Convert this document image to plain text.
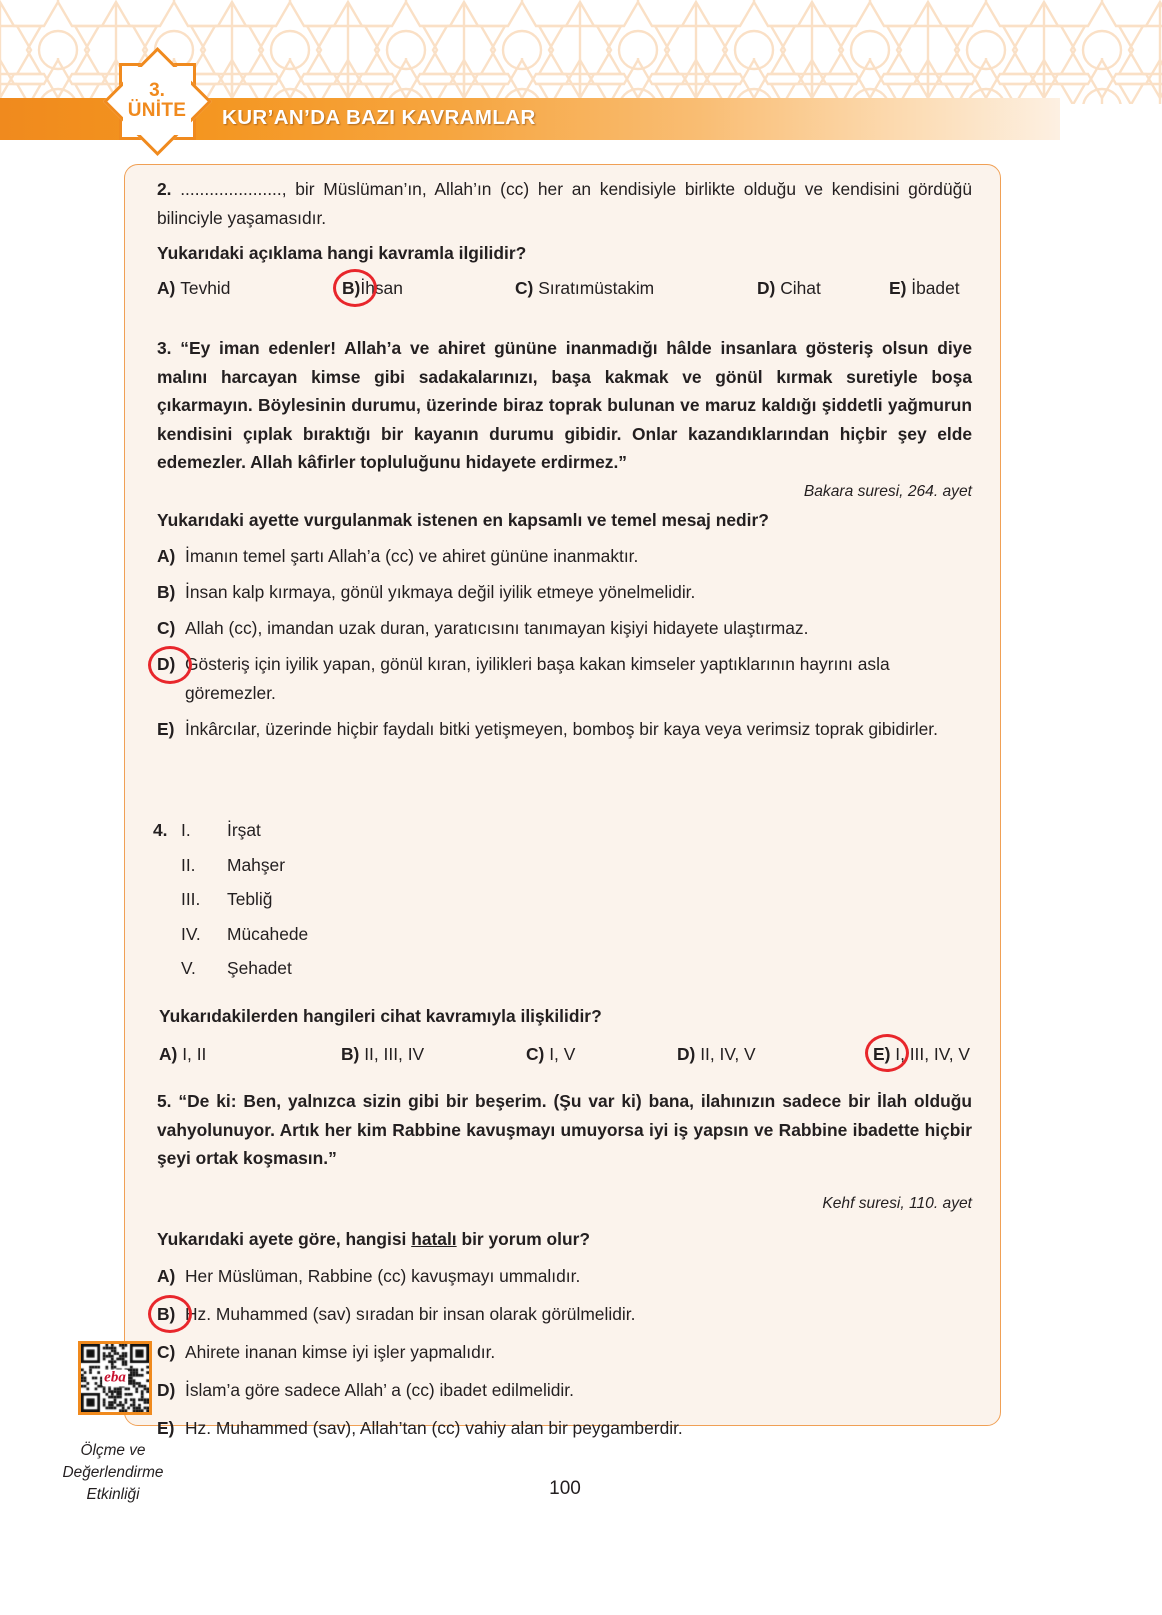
3.
ÜNİTE KUR’AN’DA BAZI KAVRAMLAR
2. ....................., bir Müslüman’ın, Allah’ın (cc) her an kendisiyle birlikte olduğu ve kendisini gördüğü bilinciyle yaşamasıdır.
Yukarıdaki açıklama hangi kavramla ilgilidir?
A)
Tevhid	B) İhsan	C)
Sıratımüstakim	D)
Cihat	E)
İbadet
3. “Ey iman edenler! Allah’a ve ahiret gününe inanmadığı hâlde insanlara gösteriş olsun diye malını harcayan kimse gibi sadakalarınızı, başa kakmak ve gönül kırmak suretiyle boşa çıkarmayın. Böylesinin durumu, üzerinde biraz toprak bulunan ve maruz kaldığı şiddetli yağmurun kendisini çıplak bıraktığı bir kayanın durumu gibidir. Onlar kazandıklarından hiçbir şey elde edemezler. Allah kâfirler topluluğunu hidayete erdirmez.”
Bakara suresi, 264. ayet
Yukarıdaki ayette vurgulanmak istenen en kapsamlı ve temel mesaj nedir?
A) İmanın temel şartı Allah’a (cc) ve ahiret gününe inanmaktır.
B) İnsan kalp kırmaya, gönül yıkmaya değil iyilik etmeye yönelmelidir.
C) Allah (cc), imandan uzak duran, yaratıcısını tanımayan kişiyi hidayete ulaştırmaz.
D) Gösteriş için iyilik yapan, gönül kıran, iyilikleri başa kakan kimseler yaptıklarının hayrını asla göremezler.
E) İnkârcılar, üzerinde hiçbir faydalı bitki yetişmeyen, bomboş bir kaya veya verimsiz toprak gibidirler.
4. I.	İrşat
II.	Mahşer
III.	Tebliğ
IV.	Mücahede
V.	Şehadet
Yukarıdakilerden hangileri cihat kavramıyla ilişkilidir?
A)
I, II	B)
II, III, IV	C)
I, V	D)
II, IV, V	E)
I, III, IV, V
5. “De ki: Ben, yalnızca sizin gibi bir beşerim. (Şu var ki) bana, ilahınızın sadece bir İlah olduğu vahyolunuyor. Artık her kim Rabbine kavuşmayı umuyorsa iyi iş yapsın ve Rabbine ibadette hiçbir şeyi ortak koşmasın.”
Kehf suresi, 110. ayet
Yukarıdaki ayete göre, hangisi hatalı bir yorum olur?
A) Her Müslüman, Rabbine (cc) kavuşmayı ummalıdır.
B) Hz. Muhammed (sav) sıradan bir insan olarak görülmelidir.
C) Ahirete inanan kimse iyi işler yapmalıdır.
D) İslam’a göre sadece Allah’ a (cc) ibadet edilmelidir.
E) Hz. Muhammed (sav), Allah’tan (cc) vahiy alan bir peygamberdir.
eba
Ölçme ve Değerlendirme Etkinliği	100
